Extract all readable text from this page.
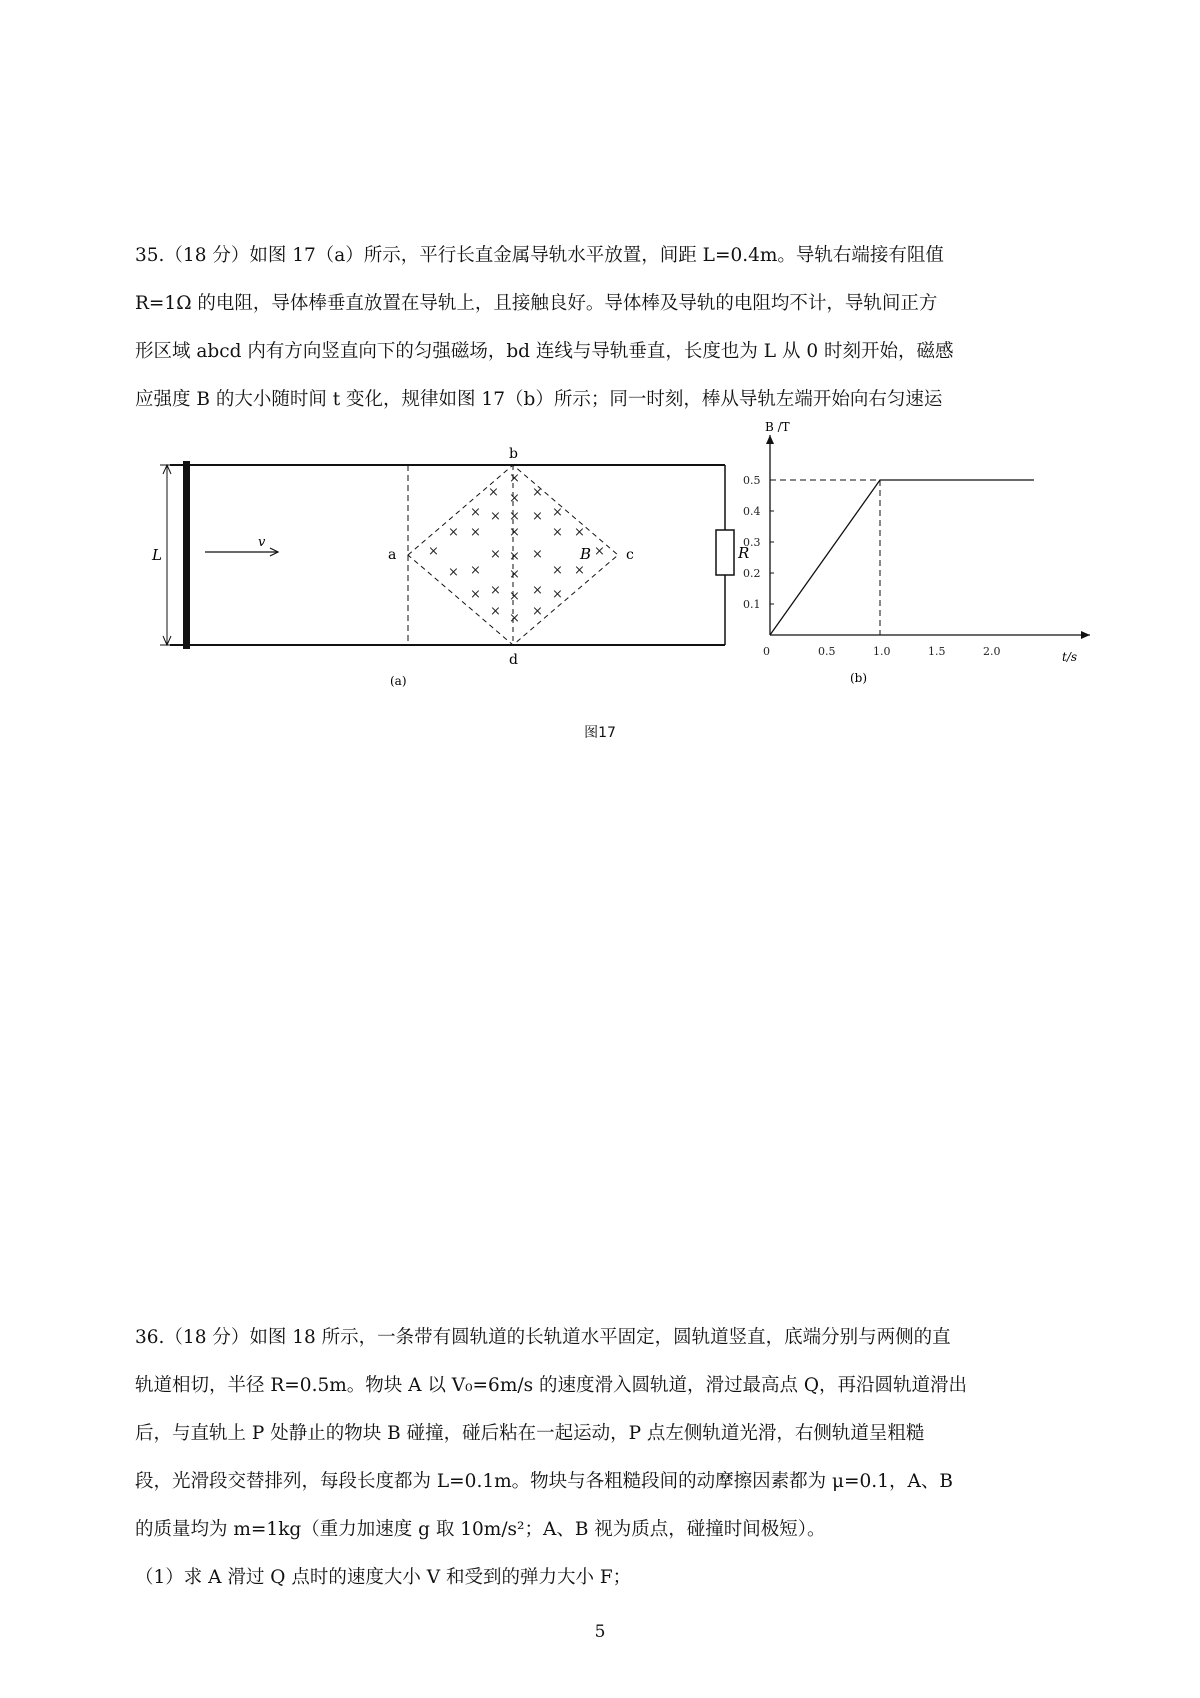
35.（18 分）如图 17（a）所示，平行长直金属导轨水平放置，间距 L=0.4m。导轨右端接有阻值
R=1Ω 的电阻，导体棒垂直放置在导轨上，且接触良好。导体棒及导轨的电阻均不计，导轨间正方
形区域 abcd 内有方向竖直向下的匀强磁场，bd 连线与导轨垂直，长度也为 L 从 0 时刻开始，磁感
应强度 B 的大小随时间 t 变化，规律如图 17（b）所示；同一时刻，棒从导轨左端开始向右匀速运
L
v
×
×
×
×
×
×
×
×
×	×
× × × ×
× ×	× ×
×	× ×	×
× ×	× ×
× × × ×
× ×
a
b
c
d
B	R
(a)
0	0.5	1.0	1.5	2.0
0.1
0.2
0.3
0.4
0.5
B /T
t/s
(b)
图17
36.（18 分）如图 18 所示，一条带有圆轨道的长轨道水平固定，圆轨道竖直，底端分别与两侧的直
轨道相切，半径 R=0.5m。物块 A 以 V₀=6m/s 的速度滑入圆轨道，滑过最高点 Q，再沿圆轨道滑出
后，与直轨上 P 处静止的物块 B 碰撞，碰后粘在一起运动，P 点左侧轨道光滑，右侧轨道呈粗糙
段，光滑段交替排列，每段长度都为 L=0.1m。物块与各粗糙段间的动摩擦因素都为 μ=0.1，A、B
的质量均为 m=1kg（重力加速度 g 取 10m/s²；A、B 视为质点，碰撞时间极短）。
（1）求 A 滑过 Q 点时的速度大小 V 和受到的弹力大小 F；
5
